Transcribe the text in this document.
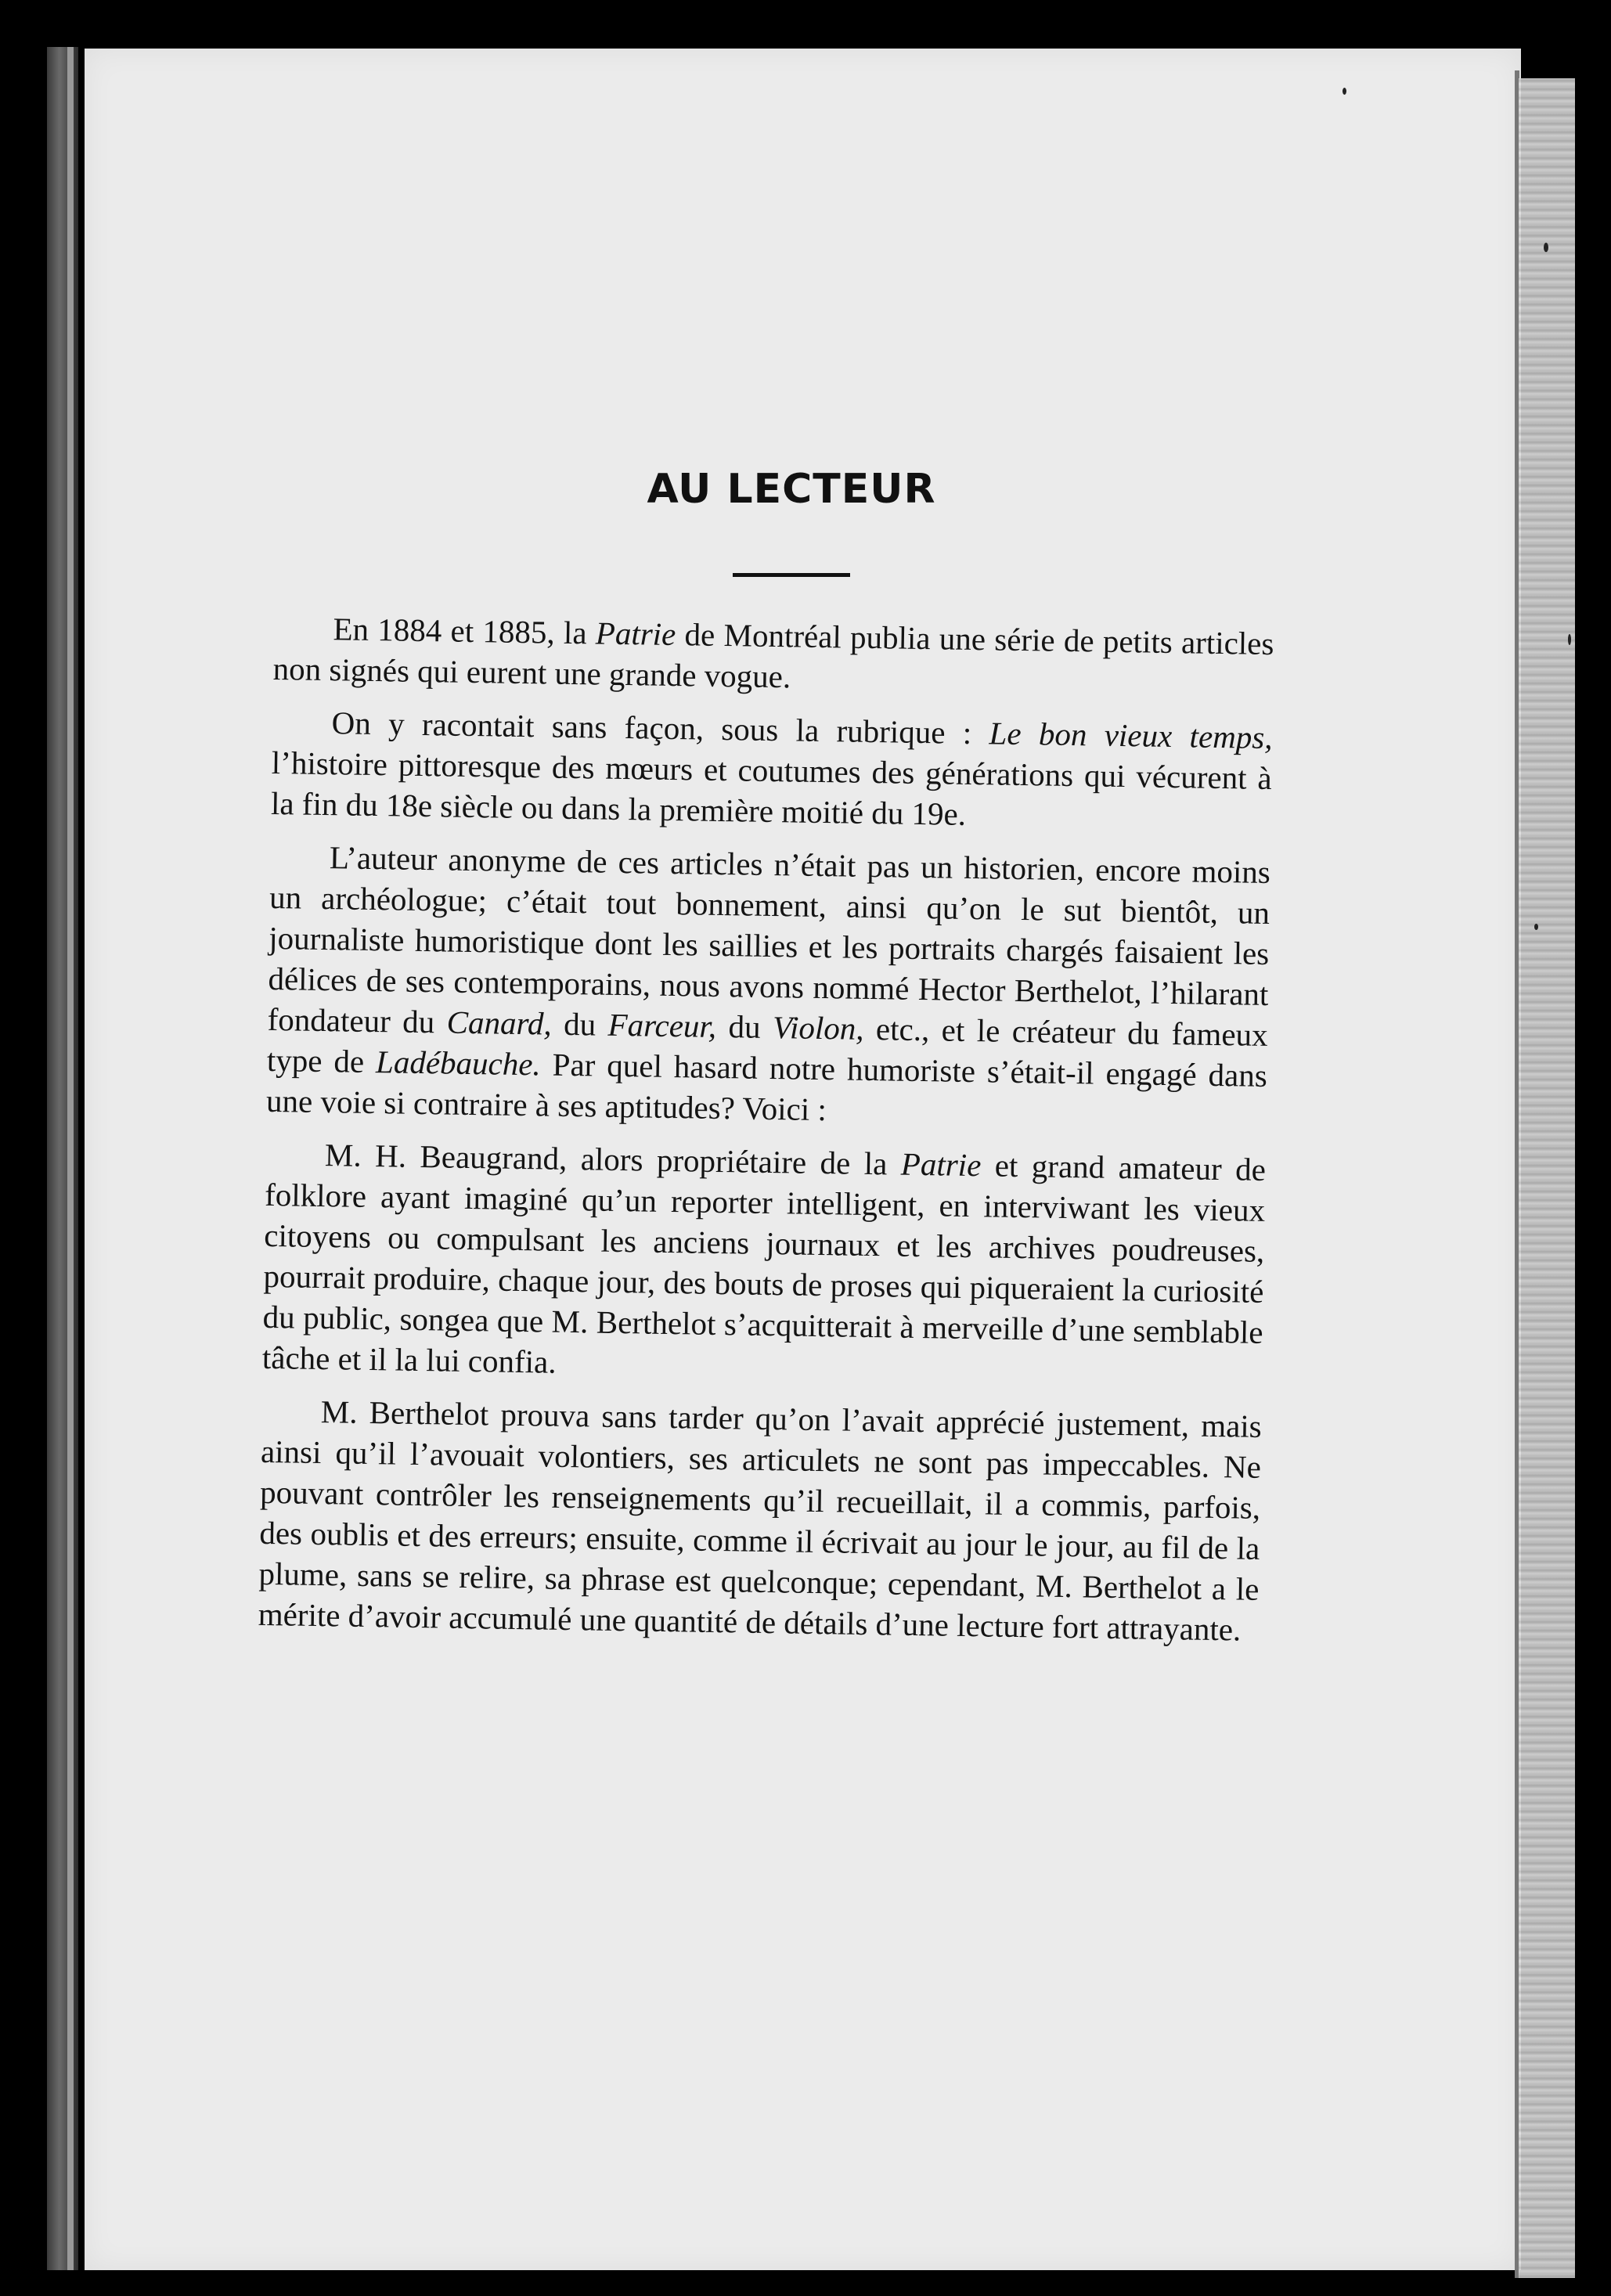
AU LECTEUR

En 1884 et 1885, la Patrie de Montréal publia une série de petits articles non signés qui eurent une grande vogue.

On y racontait sans façon, sous la rubrique : Le bon vieux temps, l’histoire pittoresque des mœurs et coutumes des générations qui vécurent à la fin du 18e siècle ou dans la première moitié du 19e.

L’auteur anonyme de ces articles n’était pas un historien, encore moins un archéologue; c’était tout bonnement, ainsi qu’on le sut bientôt, un journaliste humoristique dont les saillies et les portraits chargés faisaient les délices de ses contemporains, nous avons nommé Hector Berthelot, l’hilarant fondateur du Canard, du Farceur, du Violon, etc., et le créateur du fameux type de Ladébauche. Par quel hasard notre humoriste s’était-il engagé dans une voie si contraire à ses aptitudes? Voici :

M. H. Beaugrand, alors propriétaire de la Patrie et grand amateur de folklore ayant imaginé qu’un reporter intelligent, en interviwant les vieux citoyens ou compulsant les anciens journaux et les archives poudreuses, pourrait produire, chaque jour, des bouts de proses qui piqueraient la curiosité du public, songea que M. Berthelot s’acquitterait à merveille d’une semblable tâche et il la lui confia.

M. Berthelot prouva sans tarder qu’on l’avait apprécié justement, mais ainsi qu’il l’avouait volontiers, ses articulets ne sont pas impeccables. Ne pouvant contrôler les renseignements qu’il recueillait, il a commis, parfois, des oublis et des erreurs; ensuite, comme il écrivait au jour le jour, au fil de la plume, sans se relire, sa phrase est quelconque; cependant, M. Berthelot a le mérite d’avoir accumulé une quantité de détails d’une lecture fort attrayante.
